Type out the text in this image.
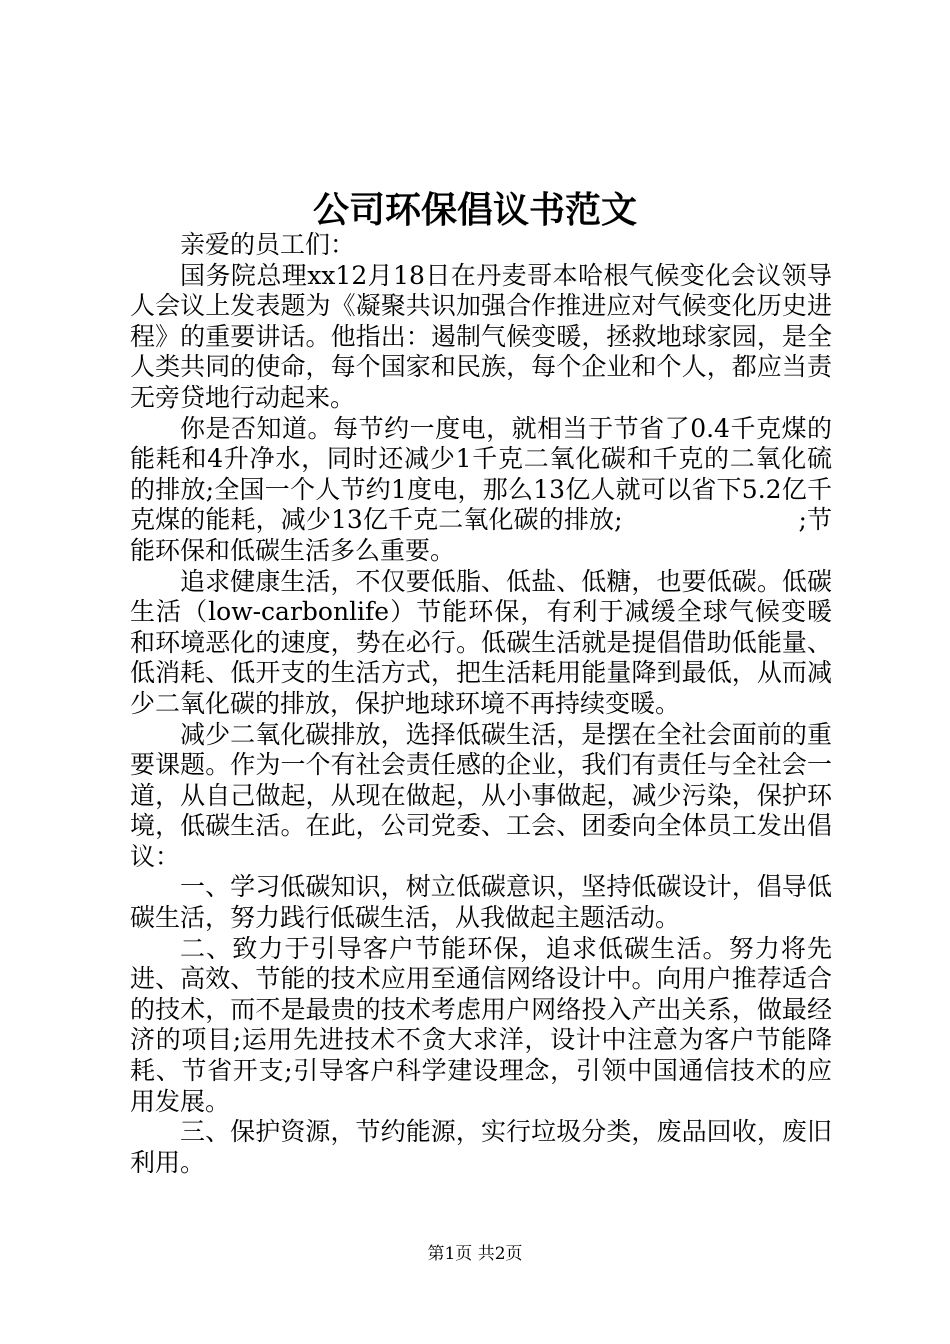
公司环保倡议书范文

亲爱的员工们：

国务院总理xx12月18日在丹麦哥本哈根气候变化会议领导人会议上发表题为《凝聚共识加强合作推进应对气候变化历史进程》的重要讲话。他指出：遏制气候变暖，拯救地球家园，是全人类共同的使命，每个国家和民族，每个企业和个人，都应当责无旁贷地行动起来。

你是否知道。每节约一度电，就相当于节省了0.4千克煤的能耗和4升净水，同时还减少1千克二氧化碳和千克的二氧化硫的排放;全国一个人节约1度电，那么13亿人就可以省下5.2亿千克煤的能耗，减少13亿千克二氧化碳的排放;　　　　　　　;节能环保和低碳生活多么重要。

追求健康生活，不仅要低脂、低盐、低糖，也要低碳。低碳生活（low-carbonlife）节能环保，有利于减缓全球气候变暖和环境恶化的速度，势在必行。低碳生活就是提倡借助低能量、低消耗、低开支的生活方式，把生活耗用能量降到最低，从而减少二氧化碳的排放，保护地球环境不再持续变暖。

减少二氧化碳排放，选择低碳生活，是摆在全社会面前的重要课题。作为一个有社会责任感的企业，我们有责任与全社会一道，从自己做起，从现在做起，从小事做起，减少污染，保护环境，低碳生活。在此，公司党委、工会、团委向全体员工发出倡议：

一、学习低碳知识，树立低碳意识，坚持低碳设计，倡导低碳生活，努力践行低碳生活，从我做起主题活动。

二、致力于引导客户节能环保，追求低碳生活。努力将先进、高效、节能的技术应用至通信网络设计中。向用户推荐适合的技术，而不是最贵的技术考虑用户网络投入产出关系，做最经济的项目;运用先进技术不贪大求洋，设计中注意为客户节能降耗、节省开支;引导客户科学建设理念，引领中国通信技术的应用发展。

三、保护资源，节约能源，实行垃圾分类，废品回收，废旧利用。

第1页 共2页
